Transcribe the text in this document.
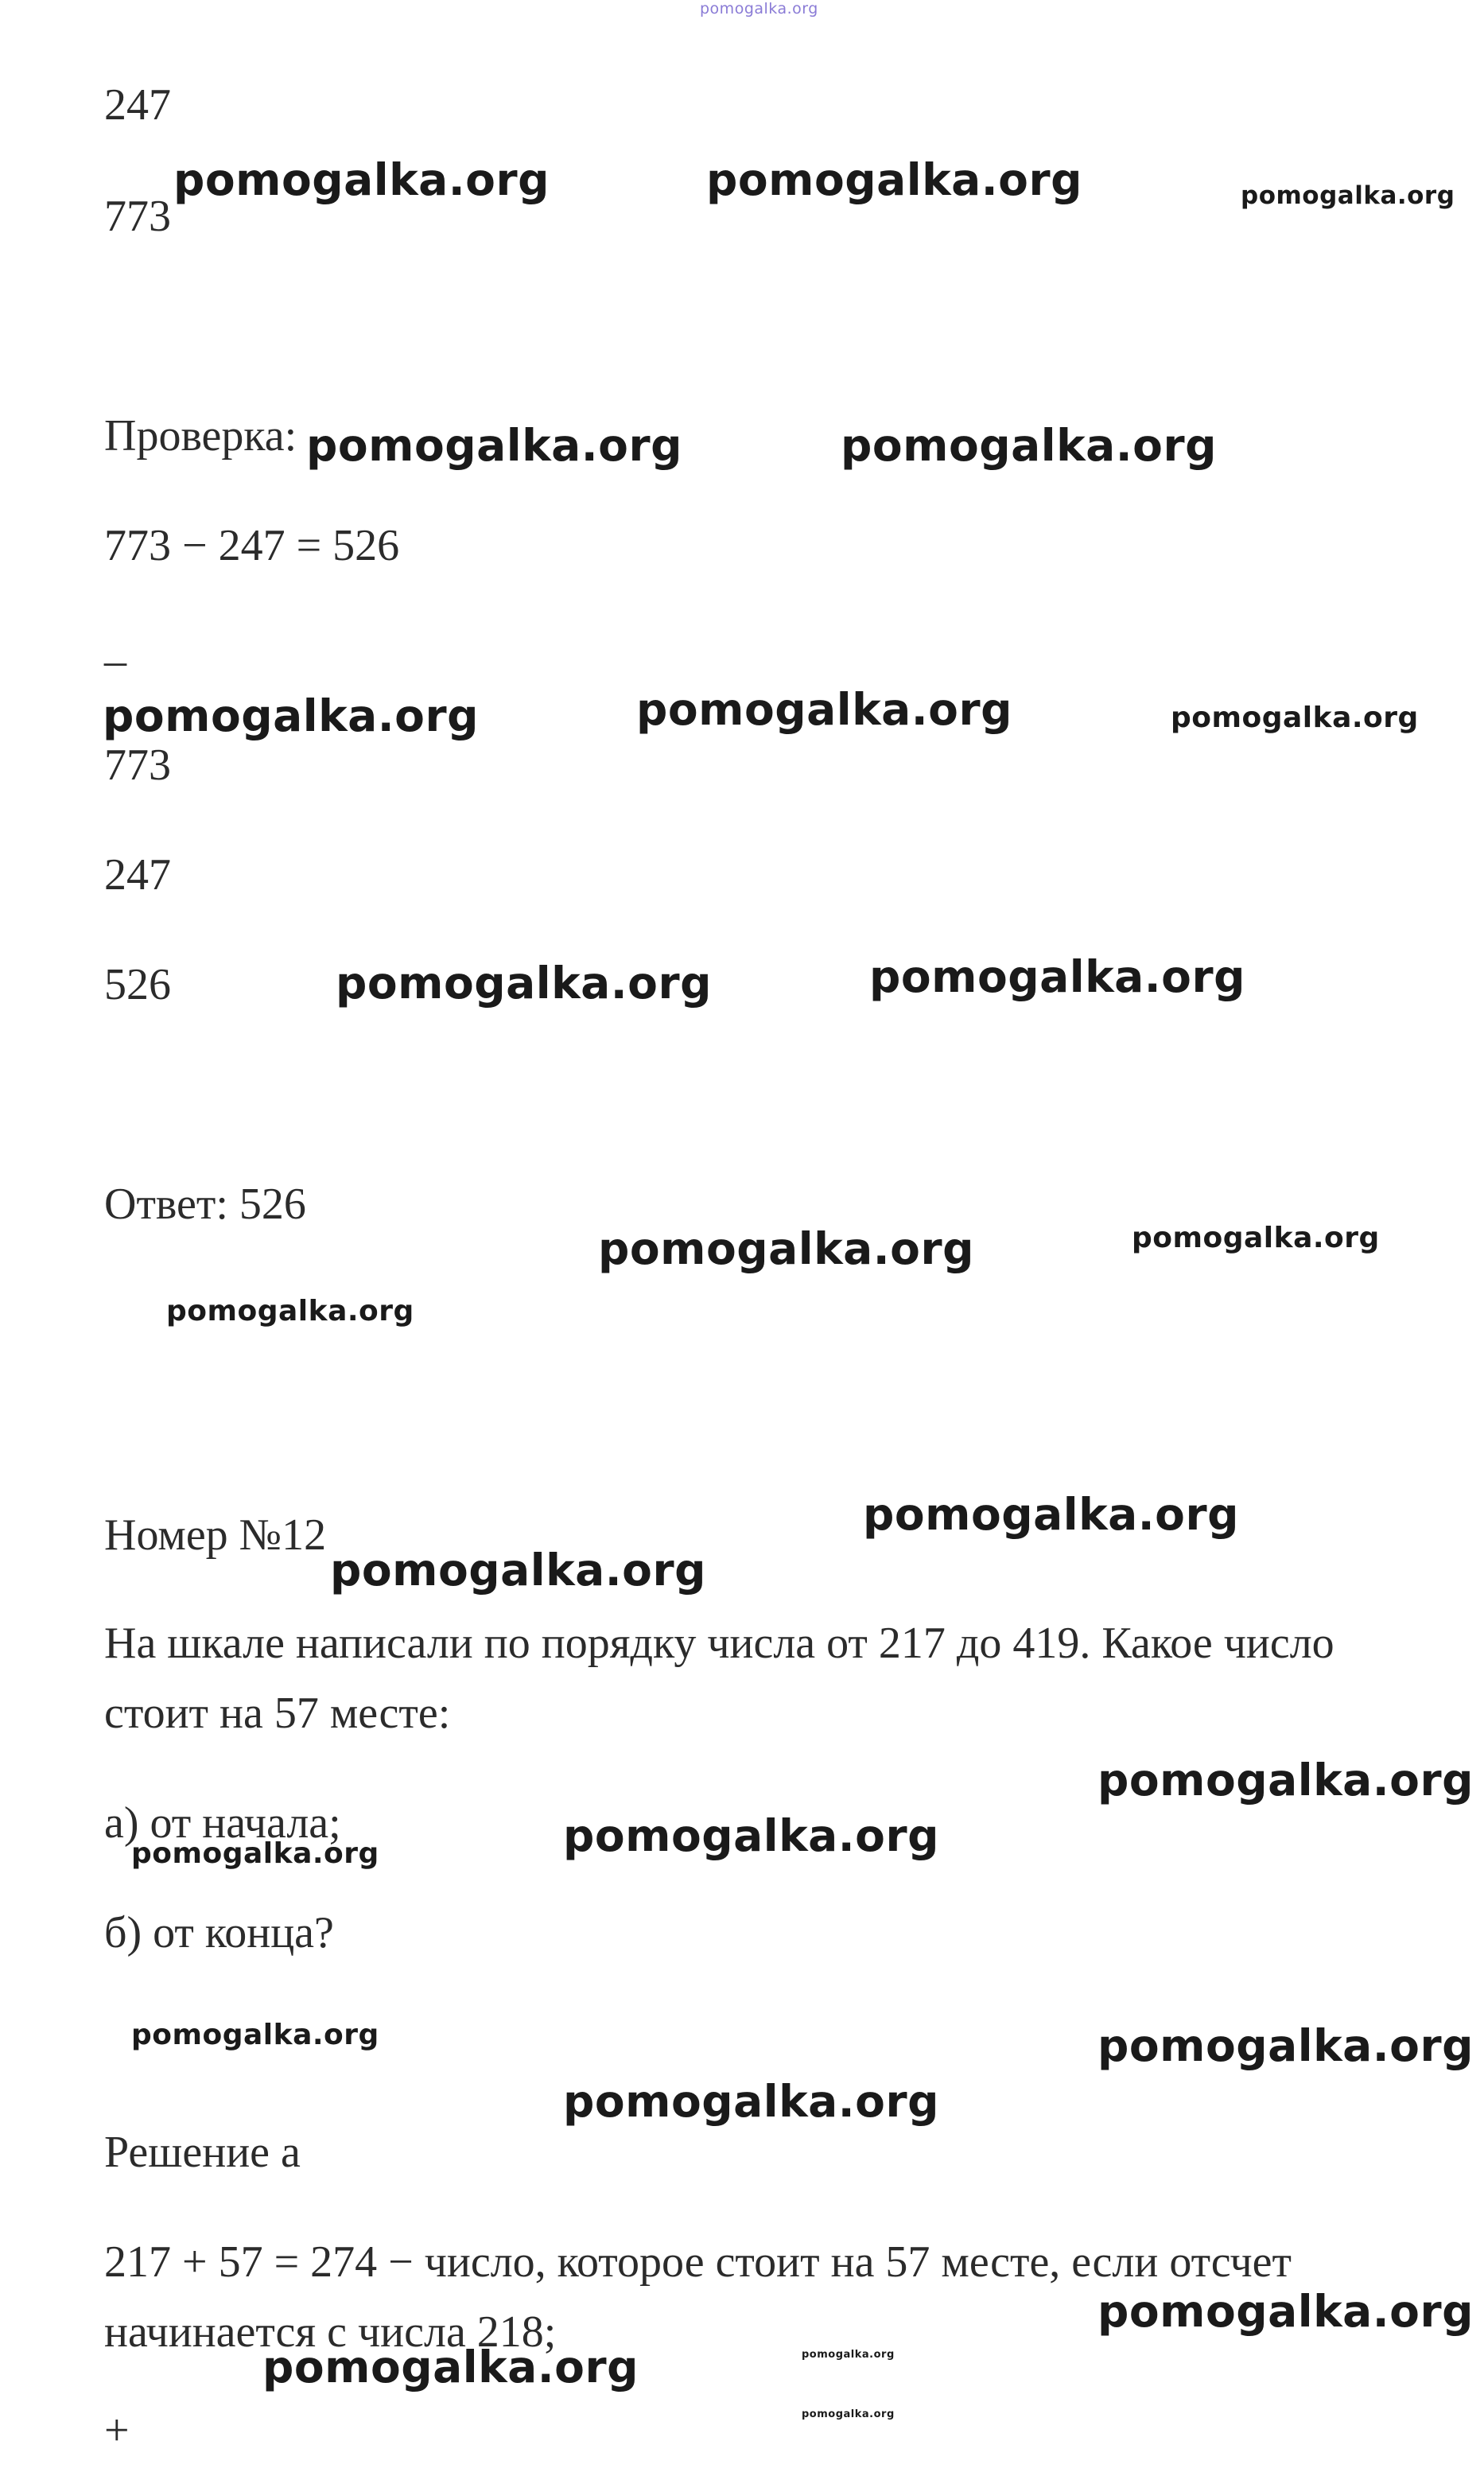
pomogalka.org
pomogalka.org	pomogalka.org	pomogalka.org
pomogalka.org	pomogalka.org
pomogalka.org	pomogalka.org	pomogalka.org
pomogalka.org	pomogalka.org
pomogalka.org	pomogalka.org
pomogalka.org
pomogalka.org
pomogalka.org
pomogalka.org
pomogalka.org
pomogalka.org
pomogalka.org	pomogalka.org
pomogalka.org
pomogalka.org
pomogalka.org	pomogalka.org
pomogalka.org
247
773
Проверка:
773 − 247 = 526
_
773
247
526
Ответ: 526
Номер №12
На шкале написали по порядку числа от 217 до 419. Какое число стоит на 57 месте:
а) от начала;
б) от конца?
Решение а
217 + 57 = 274 − число, которое стоит на 57 месте, если отсчет начинается с числа 218;
+
